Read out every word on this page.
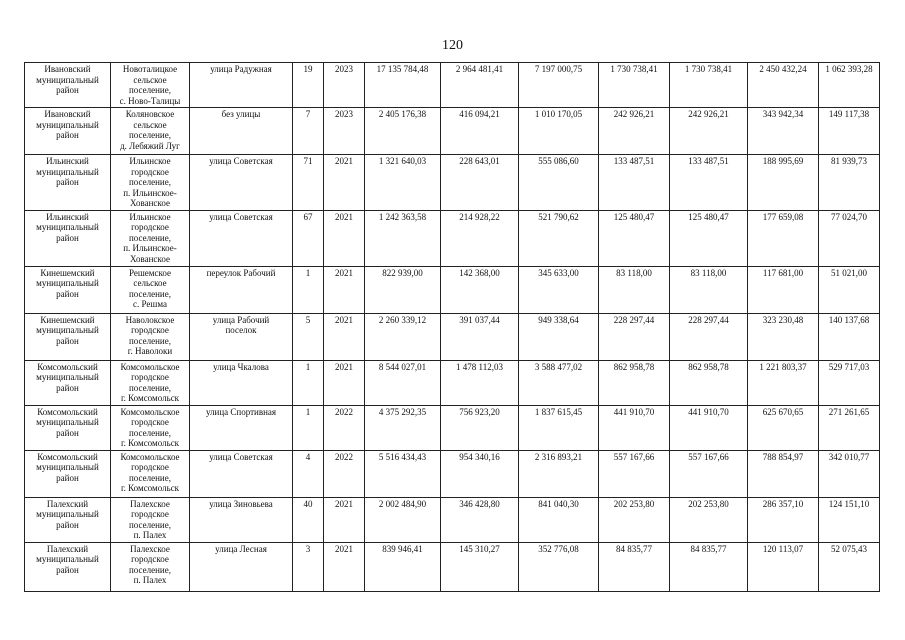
120
Ивановский
муниципальный
район	Новоталицкое
сельское
поселение,
с. Ново-Талицы	улица Радужная	19	2023	17 135 784,48	2 964 481,41	7 197 000,75	1 730 738,41	1 730 738,41	2 450 432,24	1 062 393,28
Ивановский
муниципальный
район	Коляновское
сельское
поселение,
д. Лебяжий Луг	без улицы	7	2023	2 405 176,38	416 094,21	1 010 170,05	242 926,21	242 926,21	343 942,34	149 117,38
Ильинский
муниципальный
район	Ильинское
городское
поселение,
п. Ильинское-
Хованское	улица Советская	71	2021	1 321 640,03	228 643,01	555 086,60	133 487,51	133 487,51	188 995,69	81 939,73
Ильинский
муниципальный
район	Ильинское
городское
поселение,
п. Ильинское-
Хованское	улица Советская	67	2021	1 242 363,58	214 928,22	521 790,62	125 480,47	125 480,47	177 659,08	77 024,70
Кинешемский
муниципальный
район	Решемское
сельское
поселение,
с. Решма	переулок Рабочий	1	2021	822 939,00	142 368,00	345 633,00	83 118,00	83 118,00	117 681,00	51 021,00
Кинешемский
муниципальный
район	Наволокское
городское
поселение,
г. Наволоки	улица Рабочий
поселок	5	2021	2 260 339,12	391 037,44	949 338,64	228 297,44	228 297,44	323 230,48	140 137,68
Комсомольский
муниципальный
район	Комсомольское
городское
поселение,
г. Комсомольск	улица Чкалова	1	2021	8 544 027,01	1 478 112,03	3 588 477,02	862 958,78	862 958,78	1 221 803,37	529 717,03
Комсомольский
муниципальный
район	Комсомольское
городское
поселение,
г. Комсомольск	улица Спортивная	1	2022	4 375 292,35	756 923,20	1 837 615,45	441 910,70	441 910,70	625 670,65	271 261,65
Комсомольский
муниципальный
район	Комсомольское
городское
поселение,
г. Комсомольск	улица Советская	4	2022	5 516 434,43	954 340,16	2 316 893,21	557 167,66	557 167,66	788 854,97	342 010,77
Палехский
муниципальный
район	Палехское
городское
поселение,
п. Палех	улица Зиновьева	40	2021	2 002 484,90	346 428,80	841 040,30	202 253,80	202 253,80	286 357,10	124 151,10
Палехский
муниципальный
район	Палехское
городское
поселение,
п. Палех	улица Лесная	3	2021	839 946,41	145 310,27	352 776,08	84 835,77	84 835,77	120 113,07	52 075,43
